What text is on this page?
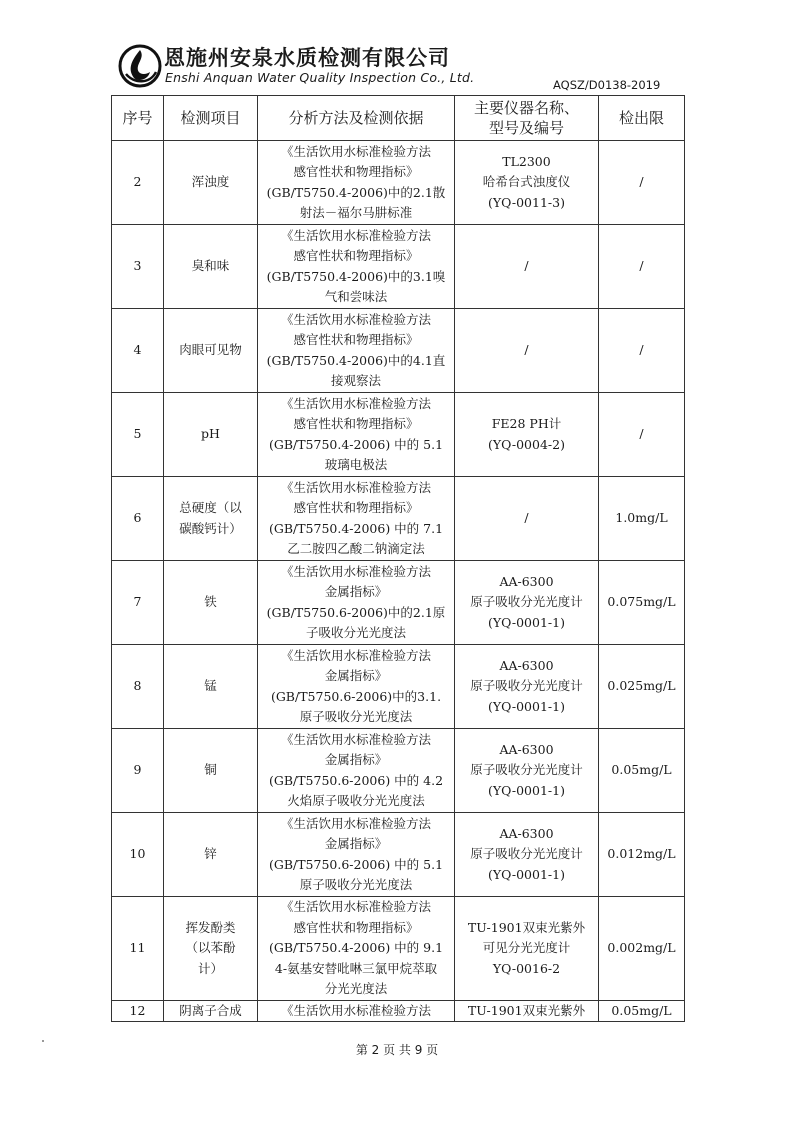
恩施州安泉水质检测有限公司
Enshi Anquan Water Quality Inspection Co., Ltd.	AQSZ/D0138-2019
序号	检测项目	分析方法及检测依据	主要仪器名称、
型号及编号	检出限
2	浑浊度	《生活饮用水标准检验方法
感官性状和物理指标》
(GB/T5750.4-2006)中的2.1散
射法－福尔马肼标准	TL2300
哈希台式浊度仪
(YQ-0011-3)	/
3	臭和味	《生活饮用水标准检验方法
感官性状和物理指标》
(GB/T5750.4-2006)中的3.1嗅
气和尝味法	/	/
4	肉眼可见物	《生活饮用水标准检验方法
感官性状和物理指标》
(GB/T5750.4-2006)中的4.1直
接观察法	/	/
5	pH	《生活饮用水标准检验方法
感官性状和物理指标》
(GB/T5750.4-2006) 中的 5.1
玻璃电极法	FE28 PH计
(YQ-0004-2)	/
6	总硬度（以
碳酸钙计）	《生活饮用水标准检验方法
感官性状和物理指标》
(GB/T5750.4-2006) 中的 7.1
乙二胺四乙酸二钠滴定法	/	1.0mg/L
7	铁	《生活饮用水标准检验方法
金属指标》
(GB/T5750.6-2006)中的2.1原
子吸收分光光度法	AA-6300
原子吸收分光光度计
(YQ-0001-1)	0.075mg/L
8	锰	《生活饮用水标准检验方法
金属指标》
(GB/T5750.6-2006)中的3.1.
原子吸收分光光度法	AA-6300
原子吸收分光光度计
(YQ-0001-1)	0.025mg/L
9	铜	《生活饮用水标准检验方法
金属指标》
(GB/T5750.6-2006) 中的 4.2
火焰原子吸收分光光度法	AA-6300
原子吸收分光光度计
(YQ-0001-1)	0.05mg/L
10	锌	《生活饮用水标准检验方法
金属指标》
(GB/T5750.6-2006) 中的 5.1
原子吸收分光光度法	AA-6300
原子吸收分光光度计
(YQ-0001-1)	0.012mg/L
11	挥发酚类
（以苯酚
计）	《生活饮用水标准检验方法
感官性状和物理指标》
(GB/T5750.4-2006) 中的 9.1
4-氨基安替吡啉三氯甲烷萃取
分光光度法	TU-1901双束光紫外
可见分光光度计
YQ-0016-2	0.002mg/L
12	阴离子合成	《生活饮用水标准检验方法	TU-1901双束光紫外	0.05mg/L
第 2 页 共 9 页
